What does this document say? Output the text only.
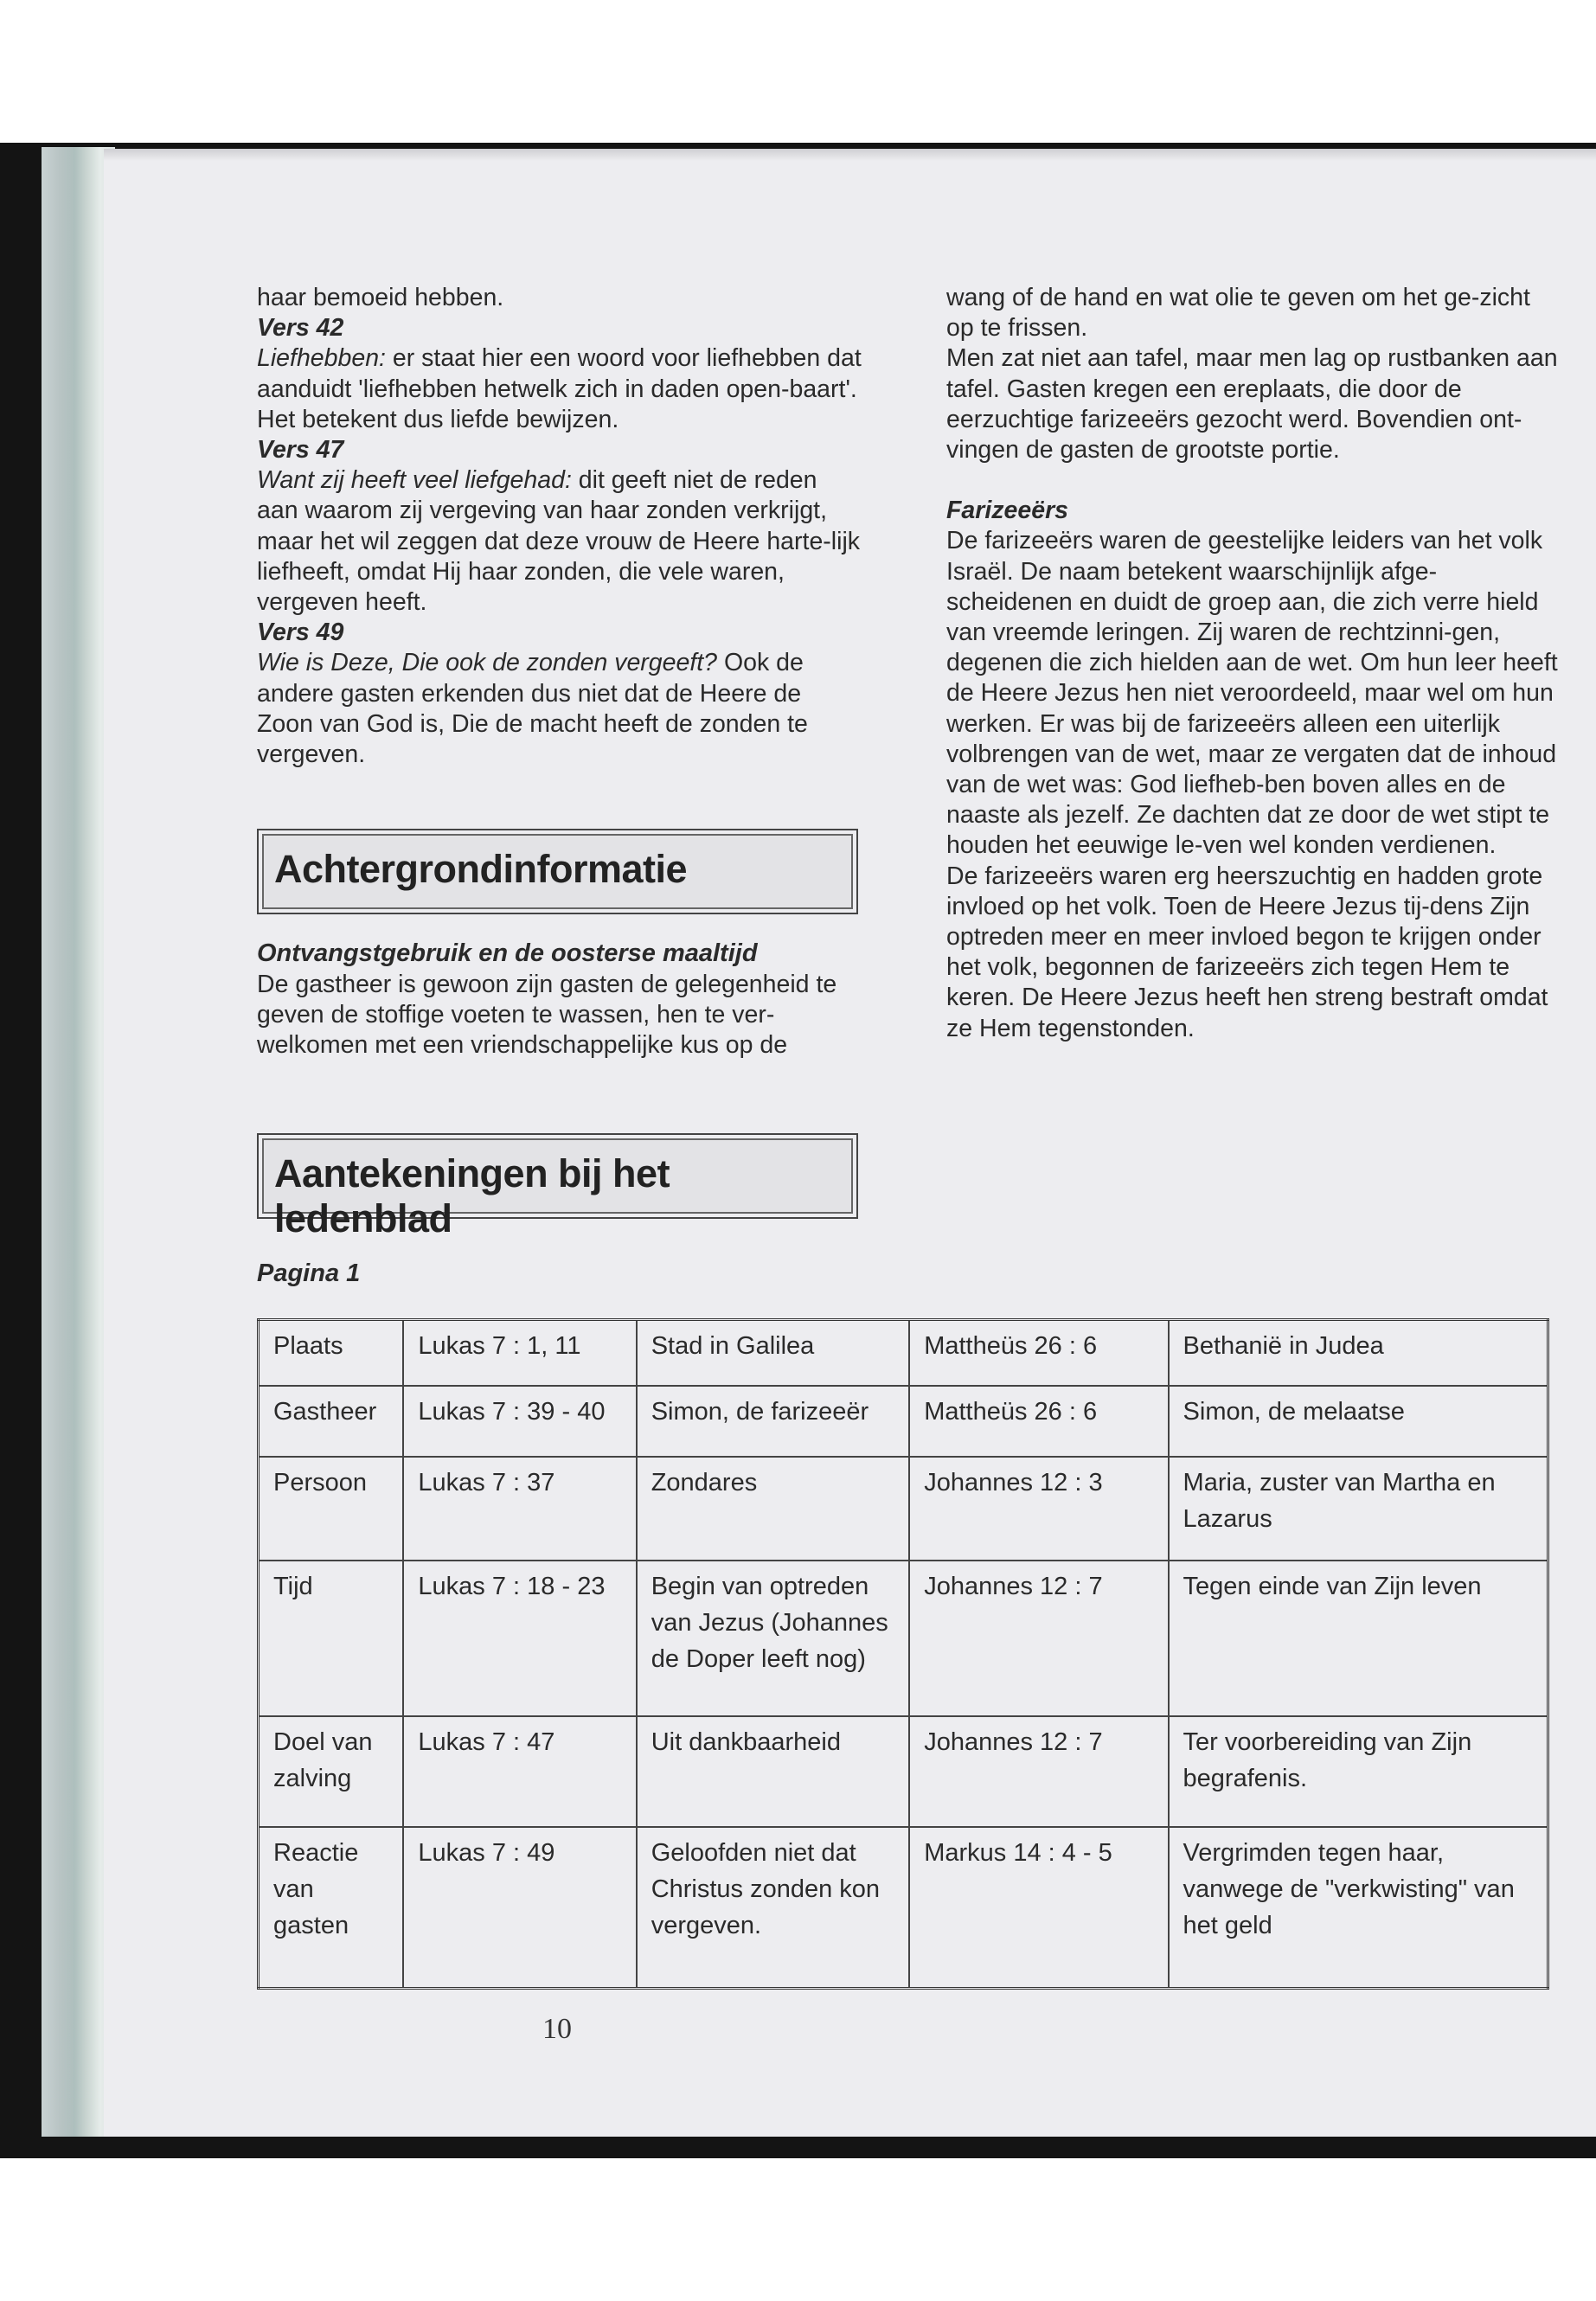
haar bemoeid hebben.

Vers 42

Liefhebben: er staat hier een woord voor liefhebben dat aanduidt 'liefhebben hetwelk zich in daden open-baart'. Het betekent dus liefde bewijzen.

Vers 47

Want zij heeft veel liefgehad: dit geeft niet de reden aan waarom zij vergeving van haar zonden verkrijgt, maar het wil zeggen dat deze vrouw de Heere harte-lijk liefheeft, omdat Hij haar zonden, die vele waren, vergeven heeft.

Vers 49

Wie is Deze, Die ook de zonden vergeeft? Ook de andere gasten erkenden dus niet dat de Heere de Zoon van God is, Die de macht heeft de zonden te vergeven.

Achtergrondinformatie
Ontvangstgebruik en de oosterse maaltijd
De gastheer is gewoon zijn gasten de gelegenheid te geven de stoffige voeten te wassen, hen te ver-welkomen met een vriendschappelijke kus op de

wang of de hand en wat olie te geven om het ge-zicht op te frissen.

Men zat niet aan tafel, maar men lag op rustbanken aan tafel. Gasten kregen een ereplaats, die door de eerzuchtige farizeeërs gezocht werd. Bovendien ont-vingen de gasten de grootste portie.

Farizeeërs

De farizeeërs waren de geestelijke leiders van het volk Israël. De naam betekent waarschijnlijk afge-scheidenen en duidt de groep aan, die zich verre hield van vreemde leringen. Zij waren de rechtzinni-gen, degenen die zich hielden aan de wet. Om hun leer heeft de Heere Jezus hen niet veroordeeld, maar wel om hun werken. Er was bij de farizeeërs alleen een uiterlijk volbrengen van de wet, maar ze vergaten dat de inhoud van de wet was: God liefheb-ben boven alles en de naaste als jezelf. Ze dachten dat ze door de wet stipt te houden het eeuwige le-ven wel konden verdienen.

De farizeeërs waren erg heerszuchtig en hadden grote invloed op het volk. Toen de Heere Jezus tij-dens Zijn optreden meer en meer invloed begon te krijgen onder het volk, begonnen de farizeeërs zich tegen Hem te keren. De Heere Jezus heeft hen streng bestraft omdat ze Hem tegenstonden.

Aantekeningen bij het ledenblad
Pagina 1
Plaats	Lukas 7 : 1, 11	Stad in Galilea	Mattheüs 26 : 6	Bethanië in Judea
Gastheer	Lukas 7 : 39 - 40	Simon, de farizeeër	Mattheüs 26 : 6	Simon, de melaatse
Persoon	Lukas 7 : 37	Zondares	Johannes 12 : 3	Maria, zuster van Martha en Lazarus
Tijd	Lukas 7 : 18 - 23	Begin van optreden van Jezus (Johannes de Doper leeft nog)	Johannes 12 : 7	Tegen einde van Zijn leven
Doel van zalving	Lukas 7 : 47	Uit dankbaarheid	Johannes 12 : 7	Ter voorbereiding van Zijn begrafenis.
Reactie van gasten	Lukas 7 : 49	Geloofden niet dat Christus zonden kon vergeven.	Markus 14 : 4 - 5	Vergrimden tegen haar, vanwege de "verkwisting" van het geld
10
